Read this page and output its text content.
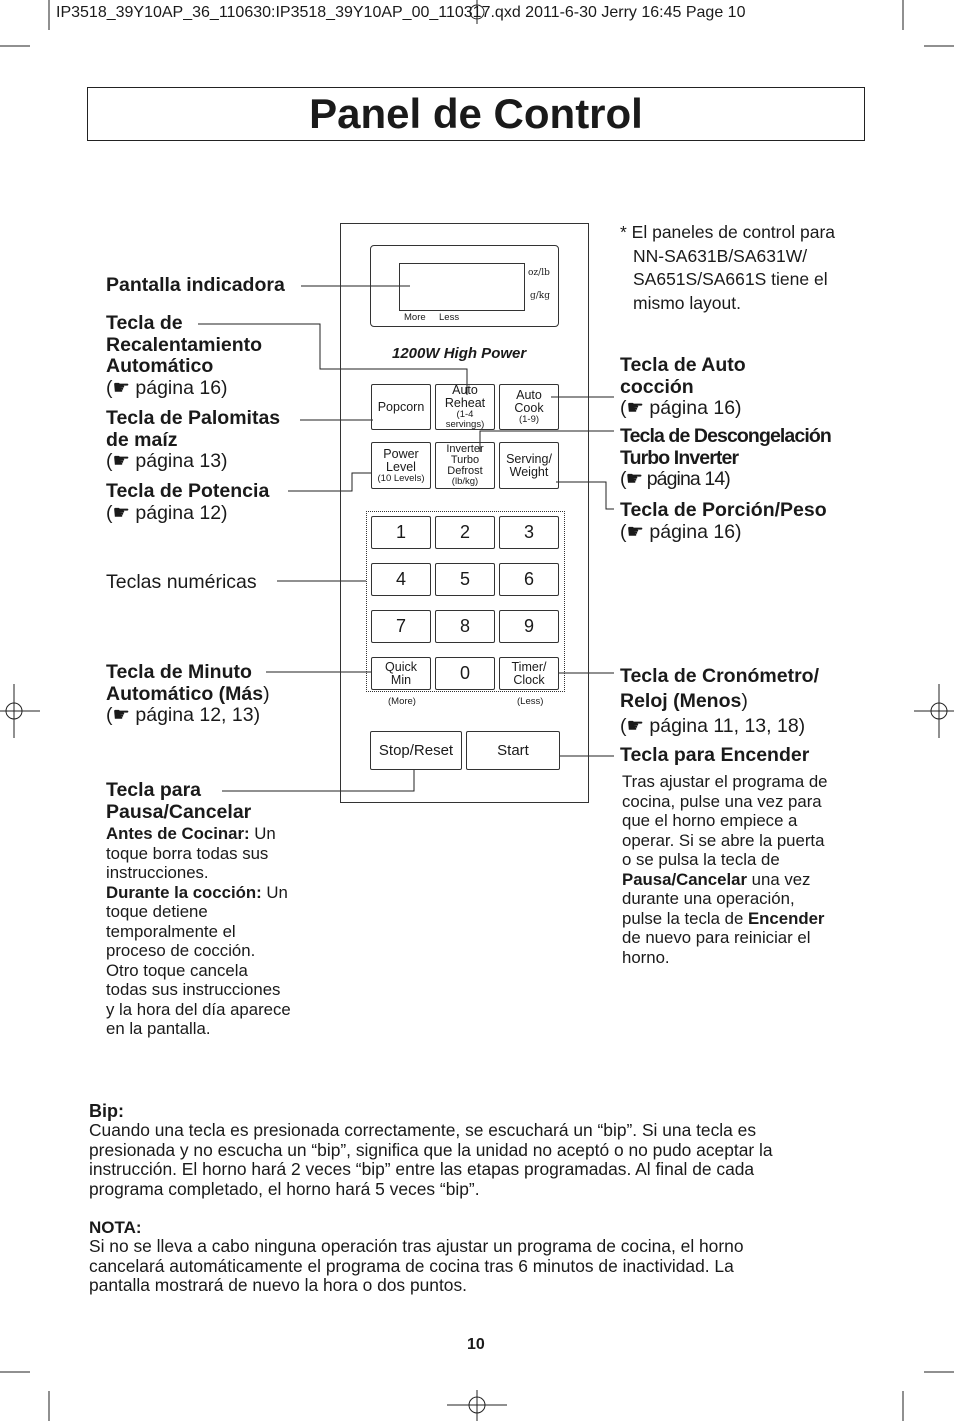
IP3518_39Y10AP_36_110630:IP3518_39Y10AP_00_110317.qxd 2011-6-30 Jerry 16:45 Page 10
Panel de Control
* El paneles de control para
NN-SA631B/SA631W/
SA651S/SA661S tiene el
mismo layout.
Pantalla indicadora
Tecla de
Recalentamiento
Automático
(☛ página 16)
Tecla de Palomitas
de maíz
(☛ página 13)
Tecla de Potencia
(☛ página 12)
Teclas numéricas
Tecla de Minuto
Automático (Más)
(☛ página 12, 13)
Tecla para
Pausa/Cancelar
Antes de Cocinar: Un
toque borra todas sus
instrucciones.
Durante la cocción: Un
toque detiene
temporalmente el
proceso de cocción.
Otro toque cancela
todas sus instrucciones
y la hora del día aparece
en la pantalla.
Tecla de Auto
cocción
(☛ página 16)
Tecla de Descongelación
Turbo Inverter
(☛ página 14)
Tecla de Porción/Peso
(☛ página 16)
Tecla de Cronómetro/
Reloj (Menos)
(☛ página 11, 13, 18)
Tecla para Encender
Tras ajustar el programa de
cocina, pulse una vez para
que el horno empiece a
operar. Si se abre la puerta
o se pulsa la tecla de
Pausa/Cancelar una vez
durante una operación,
pulse la tecla de Encender
de nuevo para reiniciar el
horno.
oz/lb
g/kg
More Less
1200W High Power
Popcorn
Auto
Reheat
(1-4 servings)
Auto
Cook
(1-9)
Power
Level
(10 Levels)
Inverter
Turbo
Defrost
(lb/kg)
Serving/
Weight
1	2	3
4	5	6
7	8	9
Quick
Min	0	Timer/
Clock
(More)	(Less)
Stop/Reset	Start
Bip:
Cuando una tecla es presionada correctamente, se escuchará un “bip”. Si una tecla es
presionada y no escucha un “bip”, significa que la unidad no aceptó o no pudo aceptar la
instrucción. El horno hará 2 veces “bip” entre las etapas programadas. Al final de cada
programa completado, el horno hará 5 veces “bip”.
NOTA:
Si no se lleva a cabo ninguna operación tras ajustar un programa de cocina, el horno
cancelará automáticamente el programa de cocina tras 6 minutos de inactividad. La
pantalla mostrará de nuevo la hora o dos puntos.
10
